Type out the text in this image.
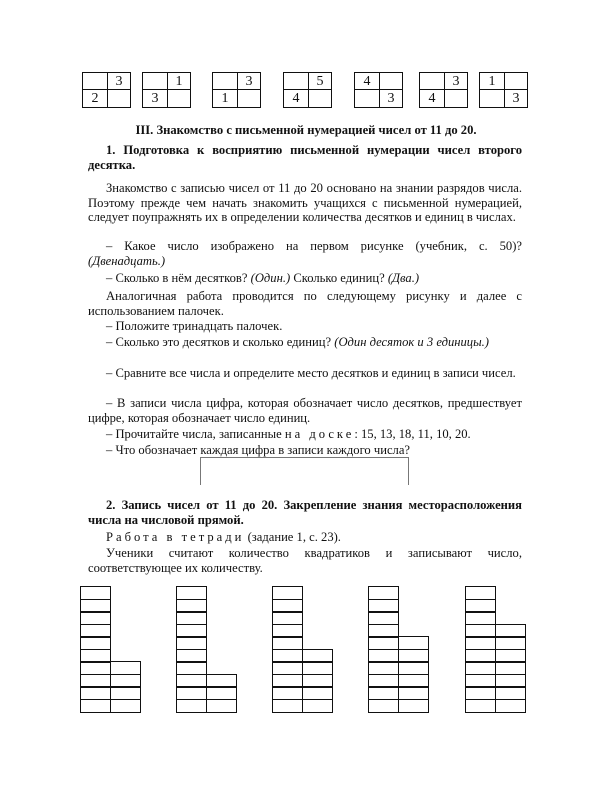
3
2
1
3
3
1
5
4
4
3
3
4
1
3
III. Знакомство с письменной нумерацией чисел от 11 до 20.
1. Подготовка к восприятию письменной нумерации чисел второго десятка.
Знакомство с записью чисел от 11 до 20 основано на знании разрядов числа. Поэтому прежде чем начать знакомить учащихся с письменной нумерацией, следует поупражнять их в определении количества десятков и единиц в числах.
– Какое число изображено на первом рисунке (учебник, с. 50)? (Двенадцать.)
– Сколько в нём десятков? (Один.) Сколько единиц? (Два.)
Аналогичная работа проводится по следующему рисунку и далее с использованием палочек.
– Положите тринадцать палочек.
– Сколько это десятков и сколько единиц? (Один десяток и 3 единицы.)
– Сравните все числа и определите место десятков и единиц в записи чисел.
– В записи числа цифра, которая обозначает число десятков, предшествует цифре, которая обозначает число единиц.
– Прочитайте числа, записанные на доске: 15, 13, 18, 11, 10, 20.
– Что обозначает каждая цифра в записи каждого числа?
2. Запись чисел от 11 до 20. Закрепление знания месторасположения числа на числовой прямой.
Работа в тетради (задание 1, с. 23).
Ученики считают количество квадратиков и записывают число, соответствующее их количеству.
